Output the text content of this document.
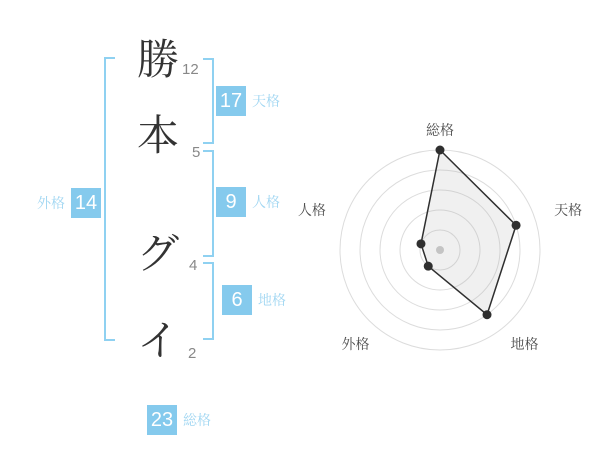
勝 12
本 5
グ 4
イ 2
17 天格
9	人格
6	地格
外格 14
23 総格
総格
天格
地格
外格
人格
